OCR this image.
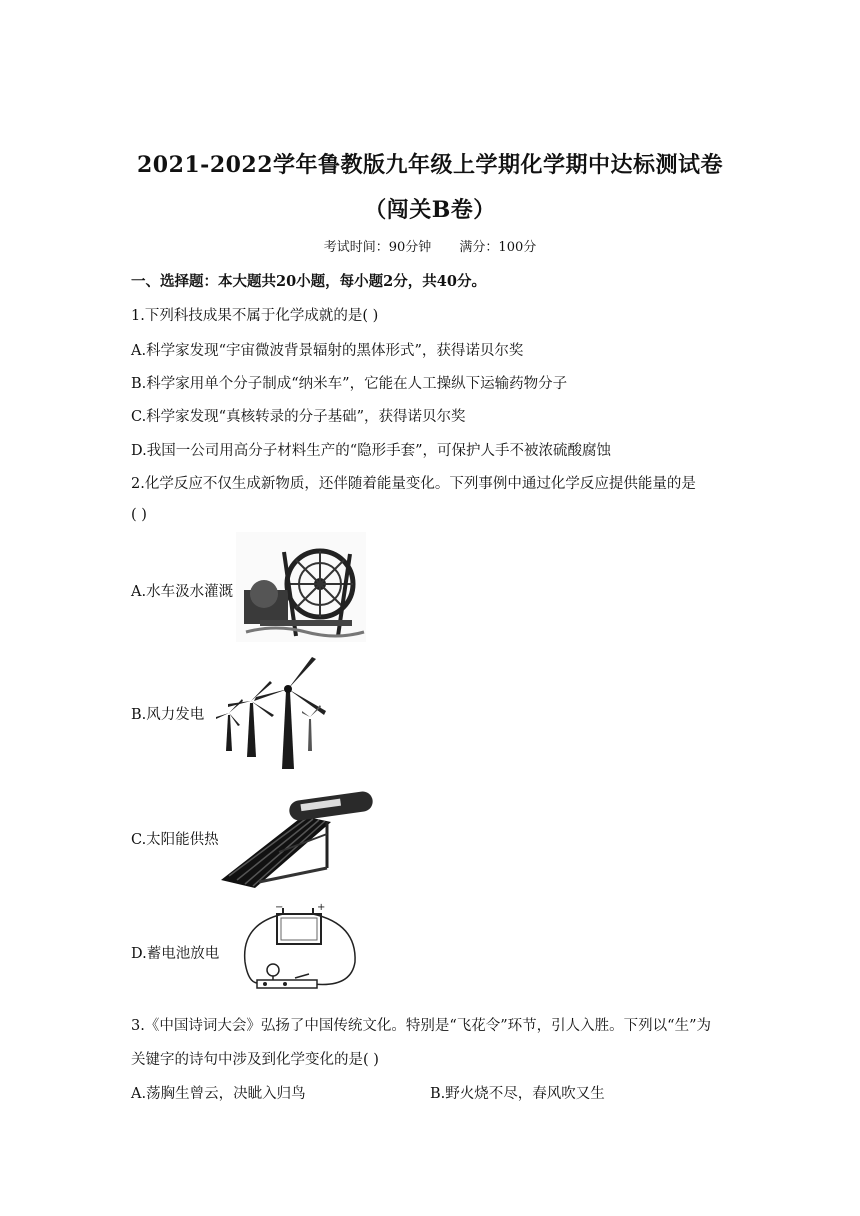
2021-2022学年鲁教版九年级上学期化学期中达标测试卷
（闯关B卷）
考试时间：90分钟 满分：100分
一、选择题：本大题共20小题，每小题2分，共40分。
1.下列科技成果不属于化学成就的是( )
A.科学家发现“宇宙微波背景辐射的黑体形式”，获得诺贝尔奖
B.科学家用单个分子制成“纳米车”，它能在人工操纵下运输药物分子
C.科学家发现“真核转录的分子基础”，获得诺贝尔奖
D.我国一公司用高分子材料生产的“隐形手套”，可保护人手不被浓硫酸腐蚀
2.化学反应不仅生成新物质，还伴随着能量变化。下列事例中通过化学反应提供能量的是
( )
A.水车汲水灌溉
B.风力发电
C.太阳能供热
D.蓄电池放电
−	+
3.《中国诗词大会》弘扬了中国传统文化。特别是“飞花令”环节，引人入胜。下列以“生”为
关键字的诗句中涉及到化学变化的是( )
A.荡胸生曾云，决眦入归鸟	B.野火烧不尽，春风吹又生
